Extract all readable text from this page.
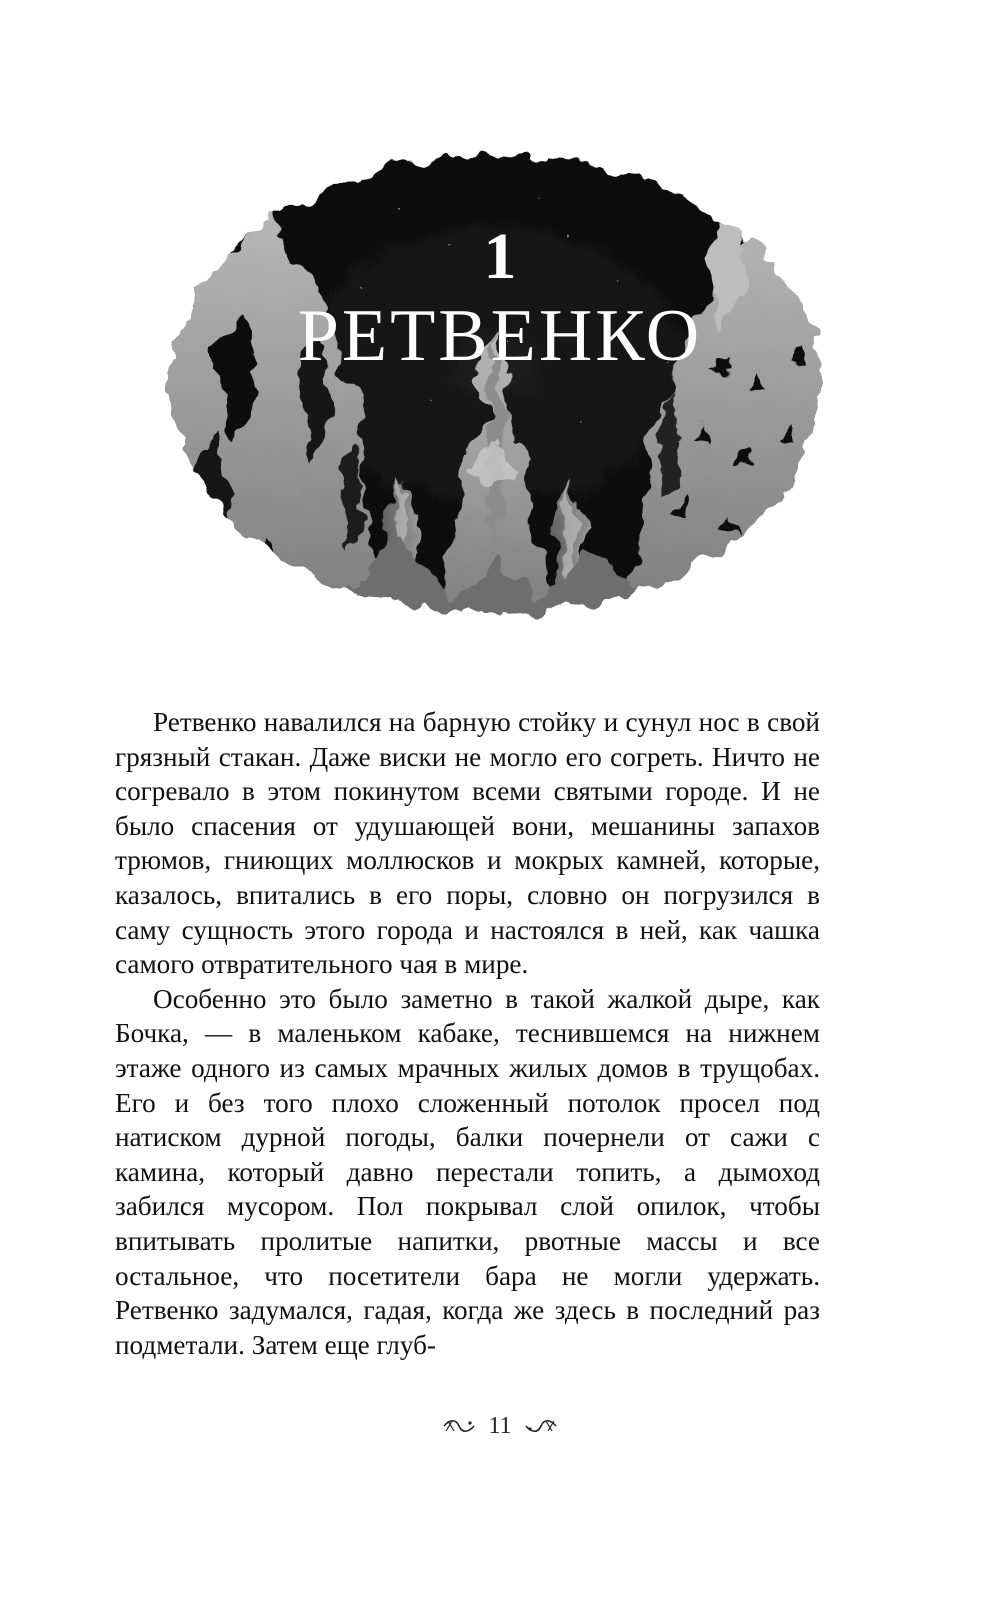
1
РЕТВЕНКО

Ретвенко навалился на барную стойку и сунул нос в свой грязный стакан. Даже виски не могло его согреть. Ничто не согревало в этом покинутом всеми святыми городе. И не было спасения от удушающей вони, мешанины запахов трюмов, гниющих моллюсков и мокрых камней, которые, казалось, впитались в его поры, словно он погрузился в саму сущность этого города и настоялся в ней, как чашка самого отвратительного чая в мире.

Особенно это было заметно в такой жалкой дыре, как Бочка, — в маленьком кабаке, теснившемся на нижнем этаже одного из самых мрачных жилых домов в трущобах. Его и без того плохо сложенный потолок просел под натиском дурной погоды, балки почернели от сажи с камина, который давно перестали топить, а дымоход забился мусором. Пол покрывал слой опилок, чтобы впитывать пролитые напитки, рвотные массы и все остальное, что посетители бара не могли удержать. Ретвенко задумался, гадая, когда же здесь в последний раз подметали. Затем еще глуб-

11
